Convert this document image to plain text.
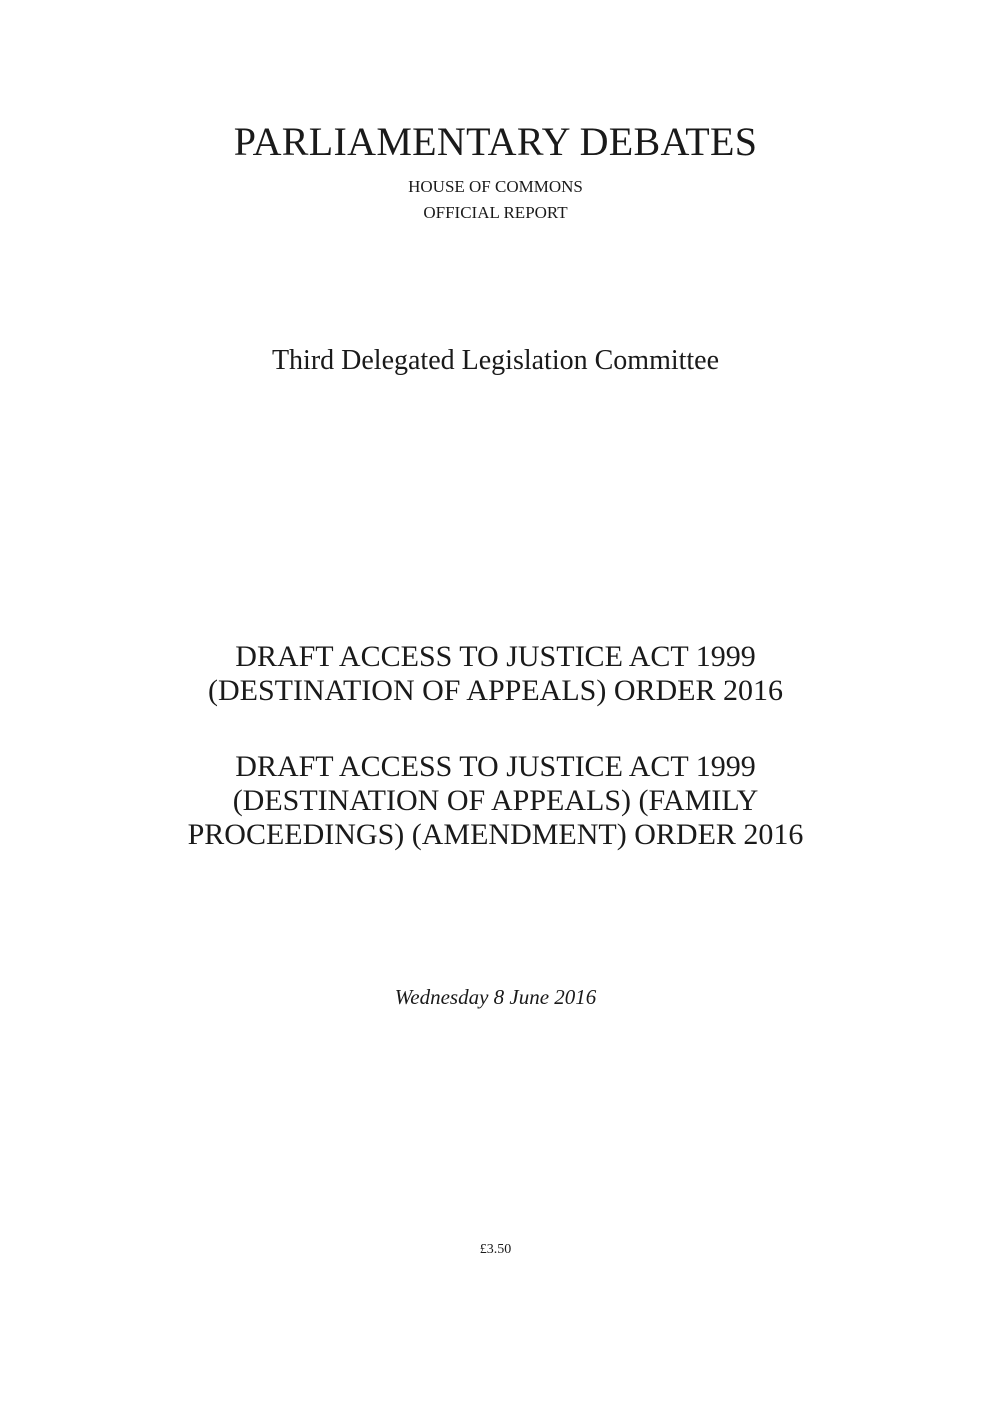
PARLIAMENTARY DEBATES
HOUSE OF COMMONS
OFFICIAL REPORT
Third Delegated Legislation Committee
DRAFT ACCESS TO JUSTICE ACT 1999
(DESTINATION OF APPEALS) ORDER 2016
DRAFT ACCESS TO JUSTICE ACT 1999
(DESTINATION OF APPEALS) (FAMILY
PROCEEDINGS) (AMENDMENT) ORDER 2016
Wednesday 8 June 2016
£3.50
